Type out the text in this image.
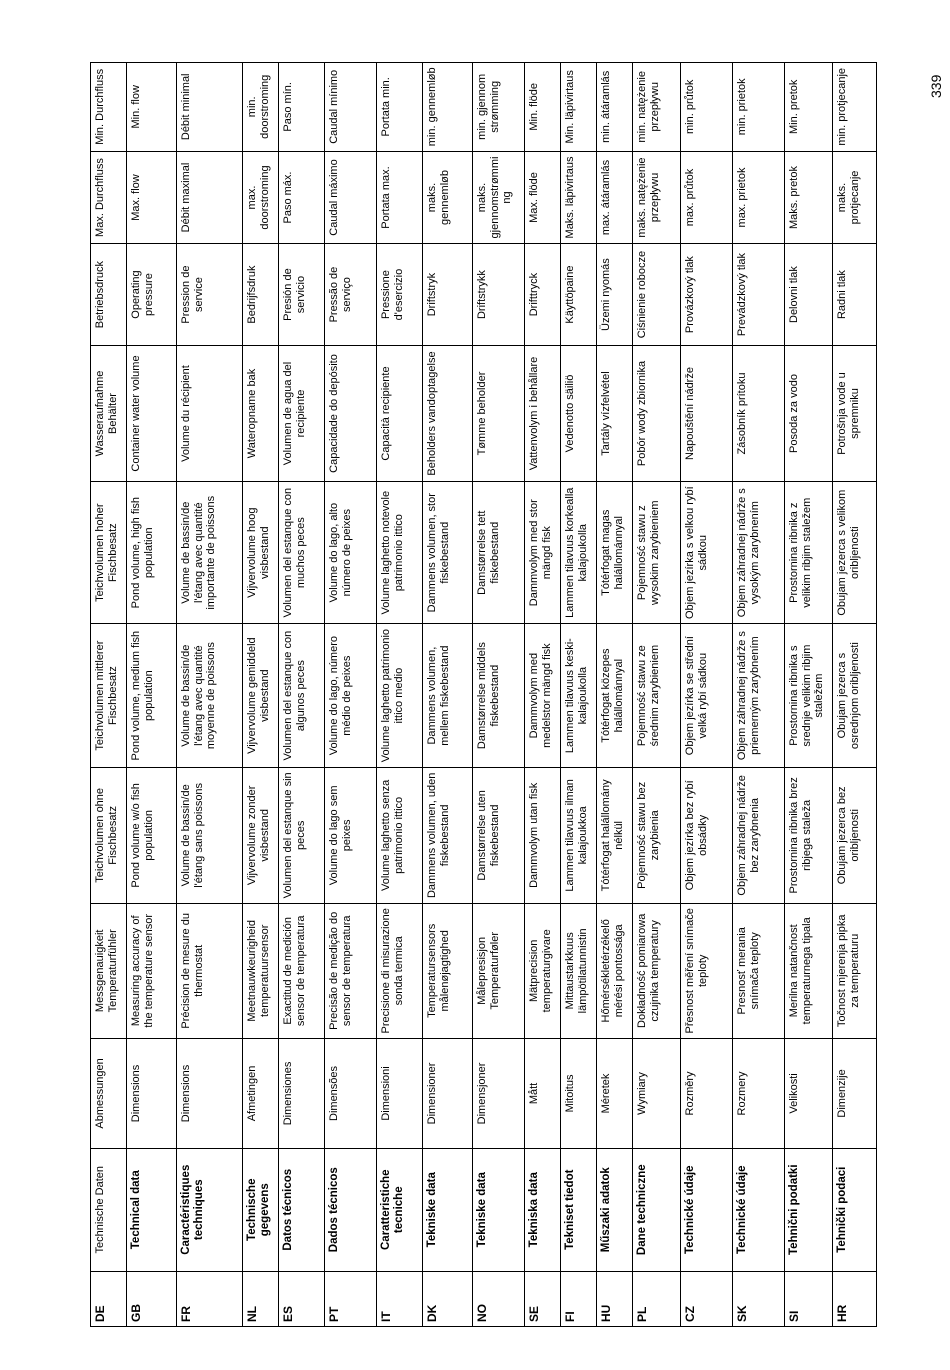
339
DE	Technische Daten	Abmessungen	Messgenauigkeit Temperaturfühler	Teichvolumen ohne Fischbesatz	Teichvolumen mittlerer Fischbesatz	Teichvolumen hoher Fischbesatz	Wasseraufnahme Behälter	Betriebsdruck	Max. Durchfluss	Min. Durchfluss
GB	Technical data	Dimensions	Measuring accuracy of the temperature sensor	Pond volume w/o fish population	Pond volume, medium fish population	Pond volume, high fish population	Container water volume	Operating pressure	Max. flow	Min. flow
FR	Caractéristiques techniques	Dimensions	Précision de mesure du thermostat	Volume de bassin/de l'étang sans poissons	Volume de bassin/de l'étang avec quantité moyenne de poissons	Volume de bassin/de l'étang avec quantité importante de poissons	Volume du récipient	Pression de service	Débit maximal	Débit minimal
NL	Technische gegevens	Afmetingen	Meetnauwkeurigheid temperatuursensor	Vijvervolume zonder visbestand	Vijvervolume gemiddeld visbestand	Vijvervolume hoog visbestand	Wateropname bak	Bedrijfsdruk	max. doorstroming	min. doorstroming
ES	Datos técnicos	Dimensiones	Exactitud de medición sensor de temperatura	Volumen del estanque sin peces	Volumen del estanque con algunos peces	Volumen del estanque con muchos peces	Volumen de agua del recipiente	Presión de servicio	Paso máx.	Paso mín.
PT	Dados técnicos	Dimensões	Precisão de medição do sensor de temperatura	Volume do lago sem peixes	Volume do lago, número médio de peixes	Volume do lago, alto número de peixes	Capacidade do depósito	Pressão de serviço	Caudal máximo	Caudal mínimo
IT	Caratteristiche tecniche	Dimensioni	Precisione di misurazione sonda termica	Volume laghetto senza patrimonio ittico	Volume laghetto patrimonio ittico medio	Volume laghetto notevole patrimonio ittico	Capacità recipiente	Pressione d'esercizio	Portata max.	Portata min.
DK	Tekniske data	Dimensioner	Temperatursensors målenøjagtighed	Dammens volumen, uden fiskebestand	Dammens volumen, mellem fiskebestand	Dammens volumen, stor fiskebestand	Beholders vandoptagelse	Driftstryk	maks. gennemløb	min. gennemløb
NO	Tekniske data	Dimensjoner	Målepresisjon Temperaturføler	Damstørrelse uten fiskebestand	Damstørrelse middels fiskebestand	Damstørrelse tett fiskebestand	Tømme beholder	Driftstrykk	maks. gjennomstrømming	min. gjennom strømming
SE	Tekniska data	Mått	Mätprecision temperaturgivare	Dammvolym utan fisk	Dammvolym med medelstor mängd fisk	Dammvolym med stor mängd fisk	Vattenvolym i behållare	Drifttryck	Max. flöde	Min. flöde
FI	Tekniset tiedot	Mitoitus	Mittaustarkkuus lämpötilatunnistin	Lammen tilavuus ilman kalajoukkoa	Lammen tilavuus keski-kalajoukolla	Lammen tilavuus korkealla kalajoukolla	Vedenotto säiliö	Käyttöpaine	Maks. läpivirtaus	Min. läpivirtaus
HU	Műszaki adatok	Méretek	Hőmérsékletérzékelő mérési pontossága	Tótérfogat halállomány nélkül	Tótérfogat közepes halállománnyal	Tótérfogat magas halállománnyal	Tartály vízfelvétel	Üzemi nyomás	max. átáramlás	min. átáramlás
PL	Dane techniczne	Wymiary	Dokładność pomiarowa czujnika temperatury	Pojemność stawu bez zarybienia	Pojemność stawu ze średnim zarybieniem	Pojemność stawu z wysokim zarybieniem	Pobór wody zbiornika	Ciśnienie robocze	maks. natężenie przepływu	min. natężenie przepływu
CZ	Technické údaje	Rozměry	Přesnost měření snímače teploty	Objem jezírka bez rybí obsádky	Objem jezírka se střední velká rybí sádkou	Objem jezírka s velkou rybí sádkou	Napouštění nádrže	Provázkový tlak	max. průtok	min. průtok
SK	Technické údaje	Rozmery	Presnosť merania snímača teploty	Objem záhradnej nádrže bez zarybnenia	Objem záhradnej nádrže s priemerným zarybnením	Objem záhradnej nádrže s vysokým zarybnením	Zásobník prítoku	Prevádzkový tlak	max. prietok	min. prietok
SI	Tehnični podatki	Velikosti	Merilna natančnost temperaturnega tipala	Prostornina ribnika brez ribjega staleža	Prostornina ribnika s srednje velikim ribjim staležem	Prostornina ribnika z velikim ribjim staležem	Posoda za vodo	Delovni tlak	Maks. pretok	Min. pretok
HR	Tehnički podaci	Dimenzije	Točnost mjerenja pipka za temperaturu	Obujam jezerca bez oribljenosti	Obujam jezerca s osrednjom oribljenosti	Obujam jezerca s velikom oribljenosti	Potrošnja vode u spremniku	Radni tlak	maks. protjecanje	min. protjecanje
